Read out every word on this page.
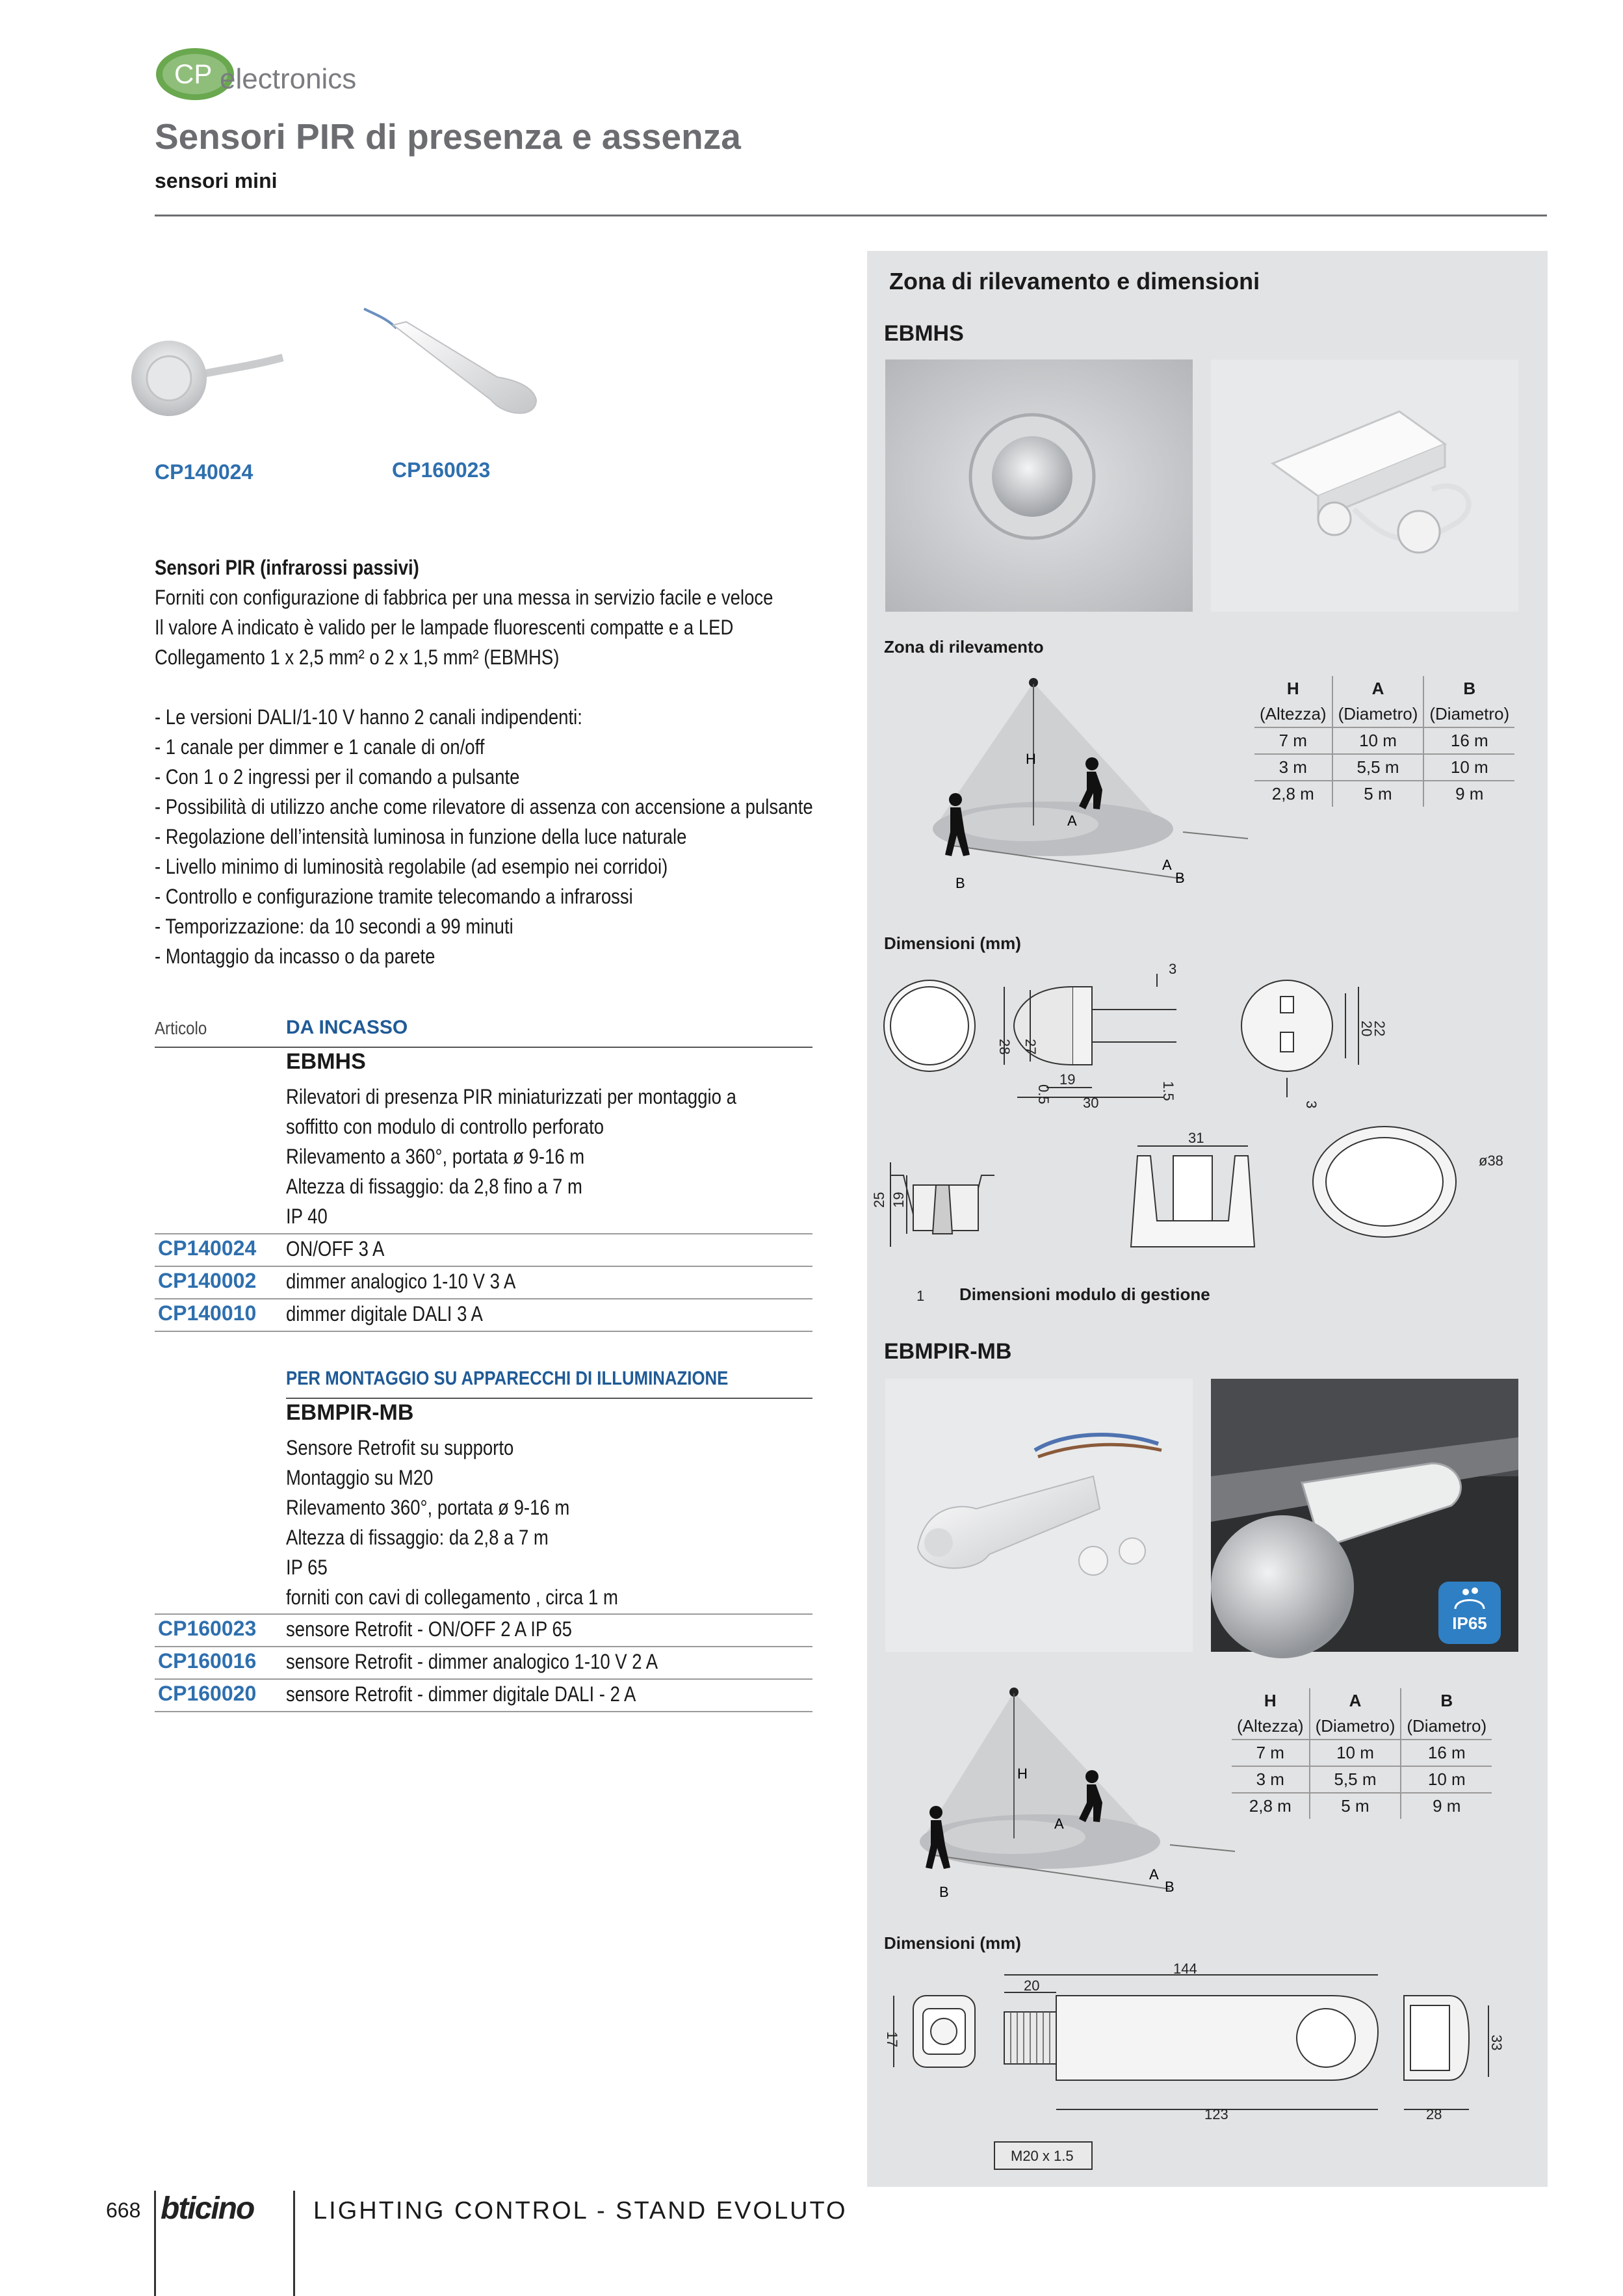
CP electronics
Sensori PIR di presenza e assenza
sensori mini
CP140024	CP160023
Sensori PIR (infrarossi passivi)
Forniti con configurazione di fabbrica per una messa in servizio facile e veloce
Il valore A indicato è valido per le lampade fluorescenti compatte e a LED
Collegamento 1 x 2,5 mm² o 2 x 1,5 mm² (EBMHS)
- Le versioni DALI/1-10 V hanno 2 canali indipendenti:
- 1 canale per dimmer e 1 canale di on/off
- Con 1 o 2 ingressi per il comando a pulsante
- Possibilità di utilizzo anche come rilevatore di assenza con accensione a pulsante
- Regolazione dell’intensità luminosa in funzione della luce naturale
- Livello minimo di luminosità regolabile (ad esempio nei corridoi)
- Controllo e configurazione tramite telecomando a infrarossi
- Temporizzazione: da 10 secondi a 99 minuti
- Montaggio da incasso o da parete
Articolo	DA INCASSO
EBMHS
Rilevatori di presenza PIR miniaturizzati per montaggio a
soffitto con modulo di controllo perforato
Rilevamento a 360°, portata ø 9-16 m
Altezza di fissaggio: da 2,8 fino a 7 m
IP 40
CP140024 ON/OFF 3 A
CP140002 dimmer analogico 1-10 V 3 A
CP140010 dimmer digitale DALI 3 A
PER MONTAGGIO SU APPARECCHI DI ILLUMINAZIONE
EBMPIR-MB
Sensore Retrofit su supporto
Montaggio su M20
Rilevamento 360°, portata ø 9-16 m
Altezza di fissaggio: da 2,8 a 7 m
IP 65
forniti con cavi di collegamento , circa 1 m
CP160023 sensore Retrofit - ON/OFF 2 A IP 65
CP160016 sensore Retrofit - dimmer analogico 1-10 V 2 A
CP160020 sensore Retrofit - dimmer digitale DALI - 2 A
Zona di rilevamento e dimensioni
EBMHS
Zona di rilevamento
H
A
B
A
B
H	A	B
(Altezza)	(Diametro)	(Diametro)
7 m	10 m	16 m
3 m	5,5 m	10 m
2,8 m	5 m	9 m
Dimensioni (mm)
3
28 27
0.5
19
30
1.5
20
22
3
31
ø38
25 19
1 Dimensioni modulo di gestione
EBMPIR-MB
IP65
H
A
B
A
B
H	A	B
(Altezza)	(Diametro)	(Diametro)
7 m	10 m	16 m
3 m	5,5 m	10 m
2,8 m	5 m	9 m
Dimensioni (mm)
144
20
17	33
123	28
M20 x 1.5
668 bticino LIGHTING CONTROL - STAND EVOLUTO
